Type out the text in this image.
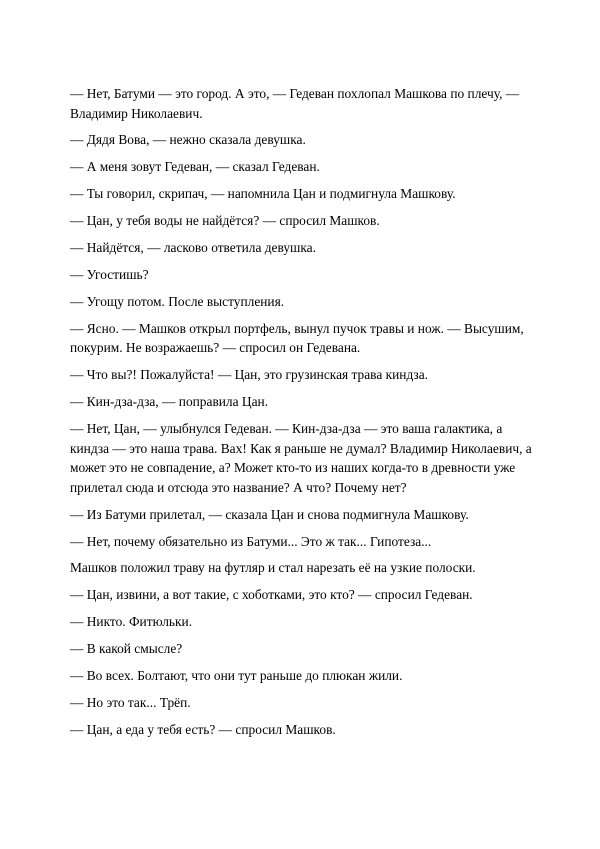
— Нет, Батуми — это город. А это, — Гедеван похлопал Машкова по плечу, — Владимир Николаевич.

— Дядя Вова, — нежно сказала девушка.

— А меня зовут Гедеван, — сказал Гедеван.

— Ты говорил, скрипач, — напомнила Цан и подмигнула Машкову.

— Цан, у тебя воды не найдётся? — спросил Машков.

— Найдётся, — ласково ответила девушка.

— Угостишь?

— Угощу потом. После выступления.

— Ясно. — Машков открыл портфель, вынул пучок травы и нож. — Высушим, покурим. Не возражаешь? — спросил он Гедевана.

— Что вы?! Пожалуйста! — Цан, это грузинская трава киндза.

— Кин-дза-дза, — поправила Цан.

— Нет, Цан, — улыбнулся Гедеван. — Кин-дза-дза — это ваша галактика, а киндза — это наша трава. Вах! Как я раньше не думал? Владимир Николаевич, а может это не совпадение, а? Может кто-то из наших когда-то в древности уже прилетал сюда и отсюда это название? А что? Почему нет?

— Из Батуми прилетал, — сказала Цан и снова подмигнула Машкову.

— Нет, почему обязательно из Батуми... Это ж так... Гипотеза...

Машков положил траву на футляр и стал нарезать её на узкие полоски.

— Цан, извини, а вот такие, с хоботками, это кто? — спросил Гедеван.

— Никто. Фитюльки.

— В какой смысле?

— Во всех. Болтают, что они тут раньше до плюкан жили.

— Но это так... Трёп.

— Цан, а еда у тебя есть? — спросил Машков.
